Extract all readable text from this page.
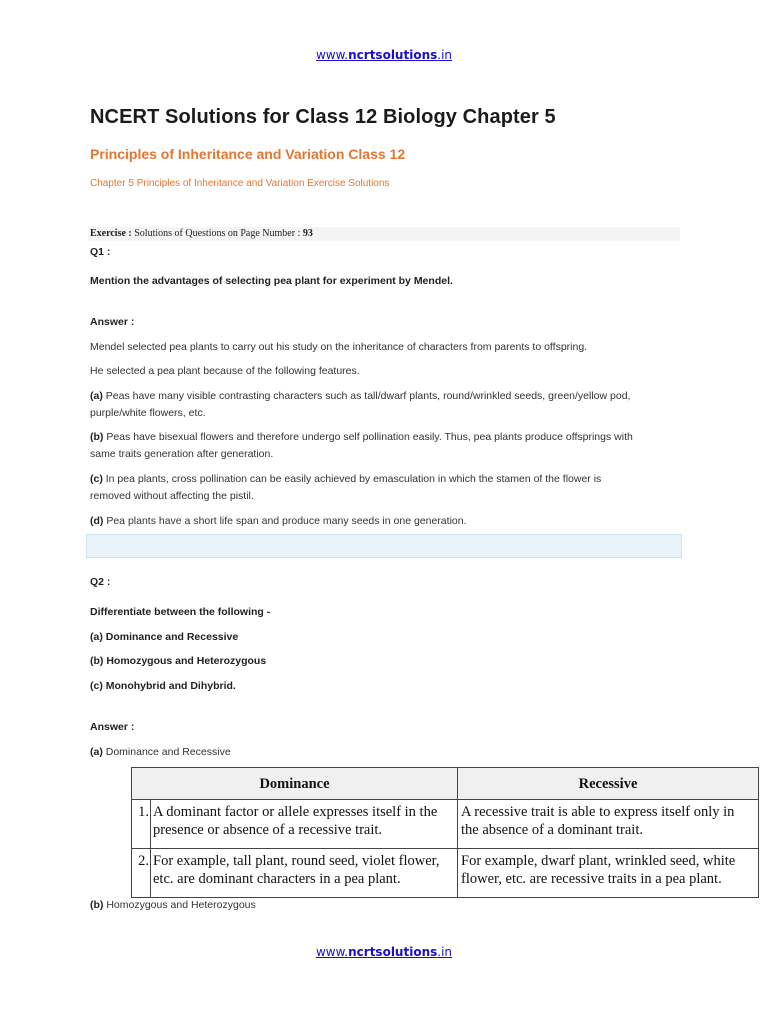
www.ncrtsolutions.in
NCERT Solutions for Class 12 Biology Chapter 5
Principles of Inheritance and Variation Class 12
Chapter 5 Principles of Inheritance and Variation Exercise Solutions
Exercise : Solutions of Questions on Page Number : 93
Q1 :
Mention the advantages of selecting pea plant for experiment by Mendel.
Answer :
Mendel selected pea plants to carry out his study on the inheritance of characters from parents to offspring.
He selected a pea plant because of the following features.
(a) Peas have many visible contrasting characters such as tall/dwarf plants, round/wrinkled seeds, green/yellow pod,
purple/white flowers, etc.
(b) Peas have bisexual flowers and therefore undergo self pollination easily. Thus, pea plants produce offsprings with
same traits generation after generation.
(c) In pea plants, cross pollination can be easily achieved by emasculation in which the stamen of the flower is
removed without affecting the pistil.
(d) Pea plants have a short life span and produce many seeds in one generation.
Q2 :
Differentiate between the following -
(a) Dominance and Recessive
(b) Homozygous and Heterozygous
(c) Monohybrid and Dihybrid.
Answer :
(a) Dominance and Recessive
Dominance		Recessive
1.	A dominant factor or allele expresses itself in the presence or absence of a recessive trait.	A recessive trait is able to express itself only in the absence of a dominant trait.
2.	For example, tall plant, round seed, violet flower, etc. are dominant characters in a pea plant.	For example, dwarf plant, wrinkled seed, white flower, etc. are recessive traits in a pea plant.
(b) Homozygous and Heterozygous
www.ncrtsolutions.in
